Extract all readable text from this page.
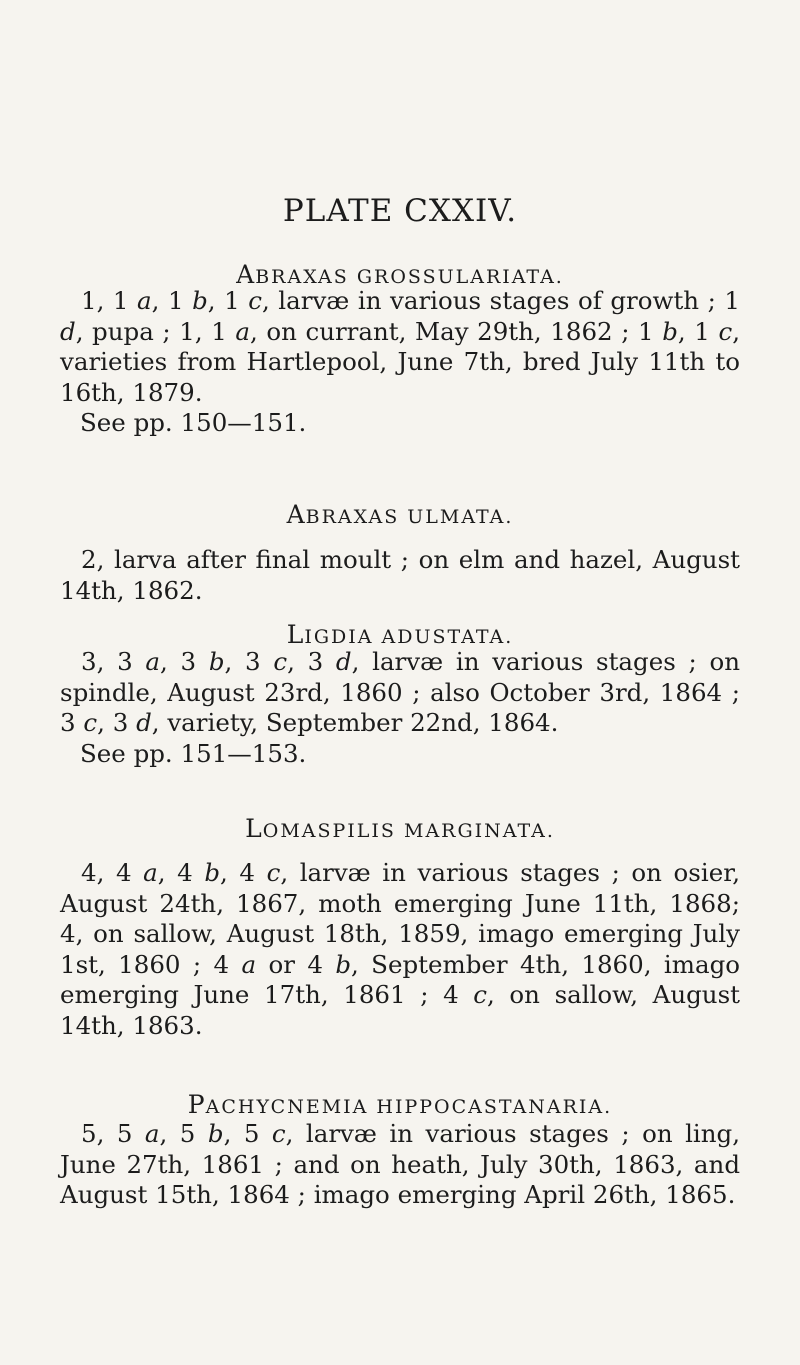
PLATE CXXIV.
ABRAXAS GROSSULARIATA.

1, 1 a, 1 b, 1 c, larvæ in various stages of growth ; 1 d, pupa ; 1, 1 a, on currant, May 29th, 1862 ; 1 b, 1 c, varieties from Hartlepool, June 7th, bred July 11th to 16th, 1879.

See pp. 150—151.
ABRAXAS ULMATA.

2, larva after final moult ; on elm and hazel, August 14th, 1862.

LIGDIA ADUSTATA.

3, 3 a, 3 b, 3 c, 3 d, larvæ in various stages ; on spindle, August 23rd, 1860 ; also October 3rd, 1864 ; 3 c, 3 d, variety, September 22nd, 1864.

See pp. 151—153.
LOMASPILIS MARGINATA.

4, 4 a, 4 b, 4 c, larvæ in various stages ; on osier, August 24th, 1867, moth emerging June 11th, 1868; 4, on sallow, August 18th, 1859, imago emerging July 1st, 1860 ; 4 a or 4 b, September 4th, 1860, imago emerging June 17th, 1861 ; 4 c, on sallow, August 14th, 1863.

PACHYCNEMIA HIPPOCASTANARIA.

5, 5 a, 5 b, 5 c, larvæ in various stages ; on ling, June 27th, 1861 ; and on heath, July 30th, 1863, and August 15th, 1864 ; imago emerging April 26th, 1865.
